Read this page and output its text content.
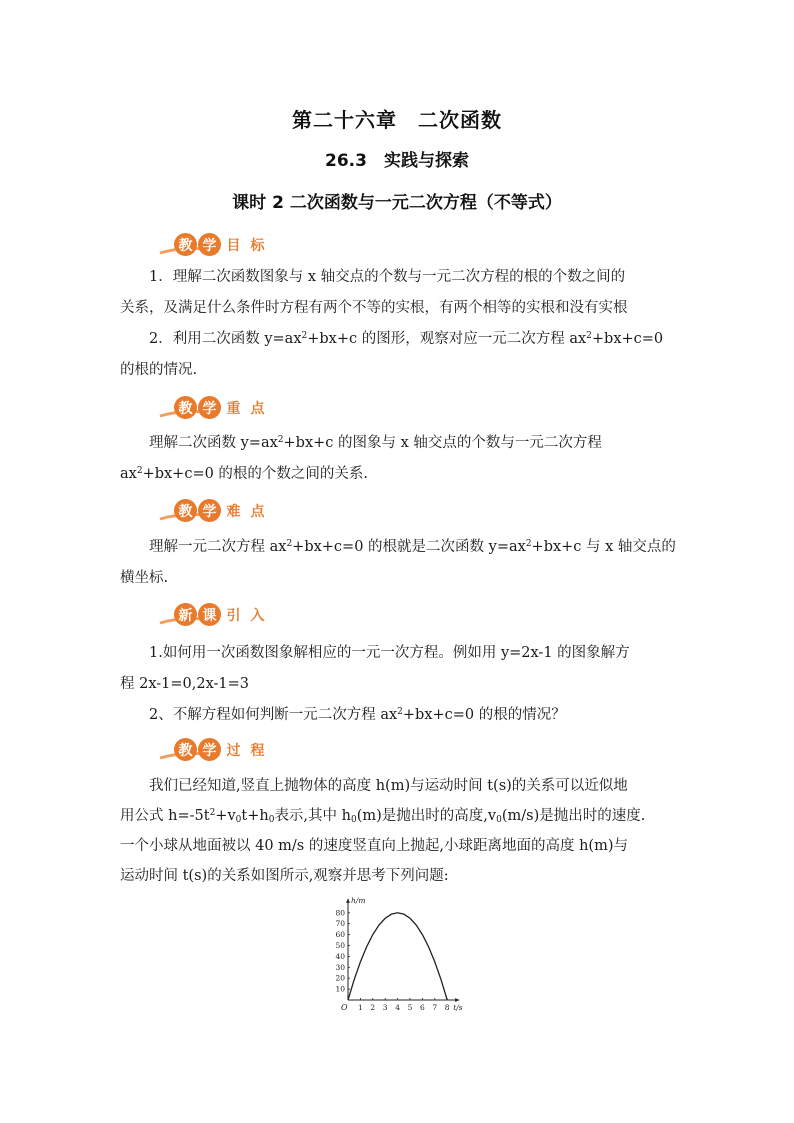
第二十六章　二次函数
26.3　实践与探索
课时 2 二次函数与一元二次方程（不等式）
教 学 目 标

1．理解二次函数图象与 x 轴交点的个数与一元二次方程的根的个数之间的

关系，及满足什么条件时方程有两个不等的实根，有两个相等的实根和没有实根

2．利用二次函数 $y=ax^2+bx+c$ 的图形，观察对应一元二次方程 $ax^2+bx+c=0$

的根的情况.

教 学 重 点

理解二次函数 $y=ax^2+bx+c$ 的图象与 x 轴交点的个数与一元二次方程

$ax^2+bx+c=0$ 的根的个数之间的关系.

教 学 难 点

理解一元二次方程 $ax^2+bx+c=0$ 的根就是二次函数 $y=ax^2+bx+c$ 与 x 轴交点的

横坐标.

新 课 引 入

1.如何用一次函数图象解相应的一元一次方程。例如用 y=2x-1 的图象解方

程 2x-1=0,2x-1=3

2、不解方程如何判断一元二次方程 $ax^2+bx+c=0$ 的根的情况？

教 学 过 程

我们已经知道,竖直上抛物体的高度 h(m)与运动时间 t(s)的关系可以近似地

用公式 $h=-5t^2+v_0t+h_0$表示,其中 $h_0(m)$是抛出时的高度$,v_0(m/s)$是抛出时的速度.

一个小球从地面被以 40 m/s 的速度竖直向上抛起,小球距离地面的高度 h(m)与

运动时间 t(s)的关系如图所示,观察并思考下列问题:

1 2 3 4 5 6 7 8
10
20
30
40
50
60
70
80
O	t/s
h/m
